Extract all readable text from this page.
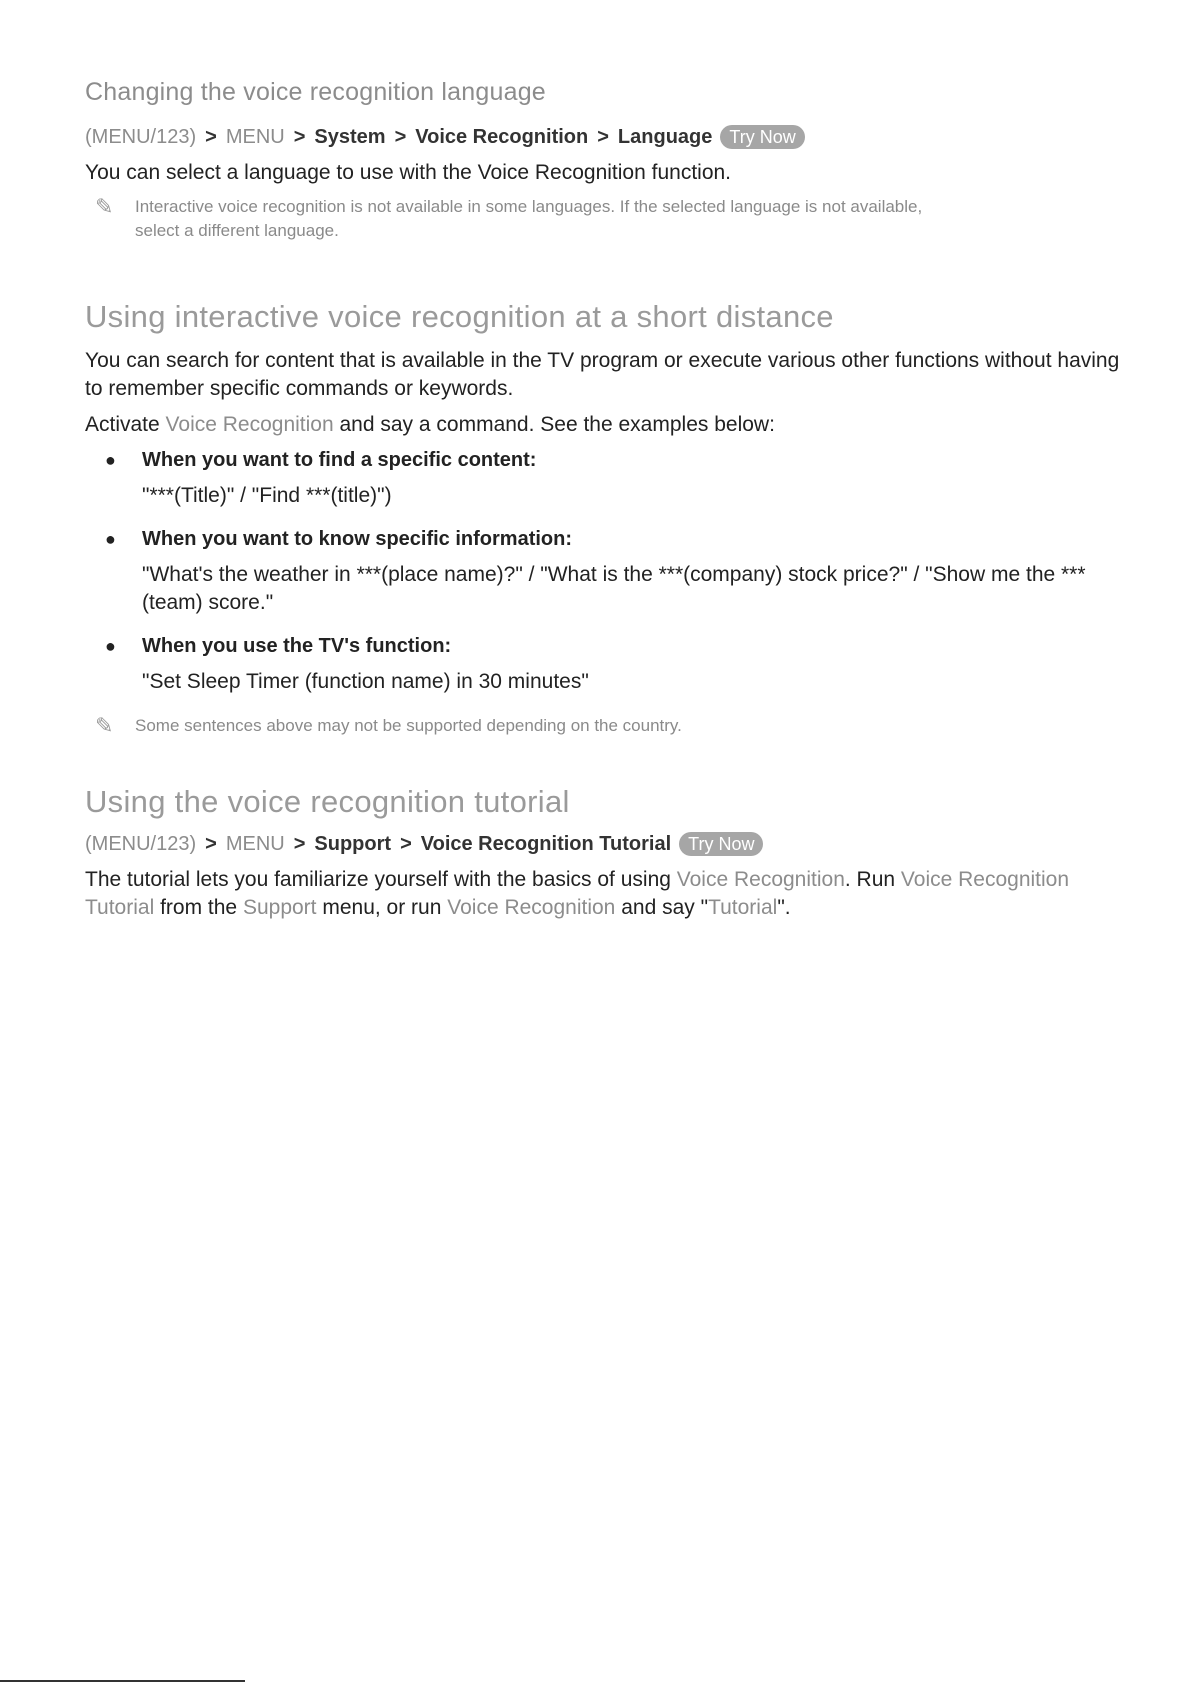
Changing the voice recognition language
(MENU/123) > MENU > System > Voice Recognition > Language Try Now

You can select a language to use with the Voice Recognition function.

✎	Interactive voice recognition is not available in some languages. If the selected language is not available,
select a different language.
Using interactive voice recognition at a short distance

You can search for content that is available in the TV program or execute various other functions without having to remember specific commands or keywords.

Activate Voice Recognition and say a command. See the examples below:

●	When you want to find a specific content:
"***(Title)" / "Find ***(title)")
●	When you want to know specific information:
"What's the weather in ***(place name)?" / "What is the ***(company) stock price?" / "Show me the ***(team) score."
●	When you use the TV's function:
"Set Sleep Timer (function name) in 30 minutes"
✎	Some sentences above may not be supported depending on the country.
Using the voice recognition tutorial
(MENU/123) > MENU > Support > Voice Recognition Tutorial Try Now

The tutorial lets you familiarize yourself with the basics of using Voice Recognition. Run Voice Recognition Tutorial from the Support menu, or run Voice Recognition and say "Tutorial".
